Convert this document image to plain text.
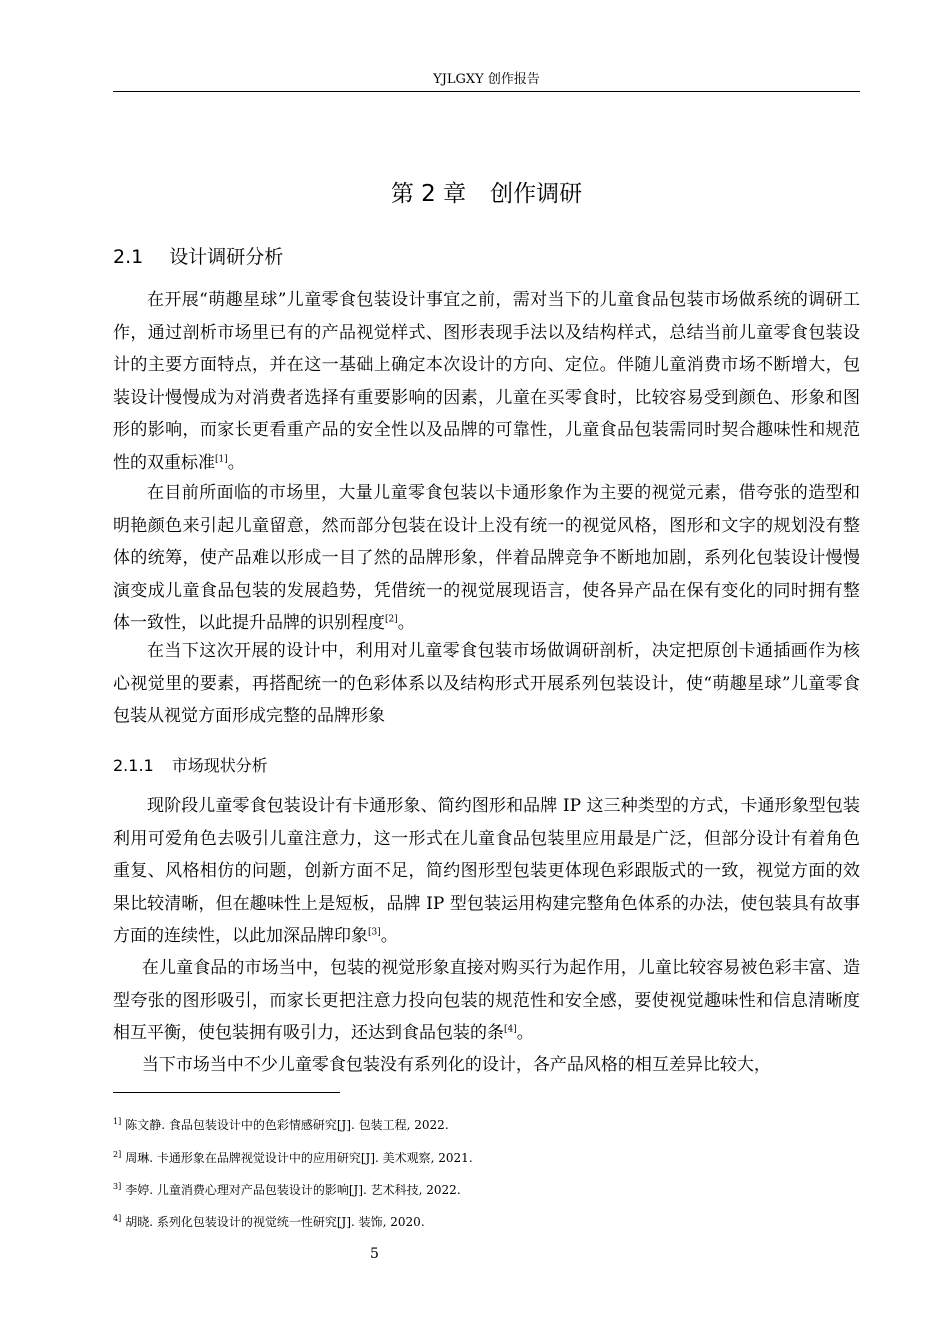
YJLGXY 创作报告
第 2 章 创作调研
2.1 设计调研分析

在开展“萌趣星球”儿童零食包装设计事宜之前，需对当下的儿童食品包装市场做系统的调研工作，通过剖析市场里已有的产品视觉样式、图形表现手法以及结构样式，总结当前儿童零食包装设计的主要方面特点，并在这一基础上确定本次设计的方向、定位。伴随儿童消费市场不断增大，包装设计慢慢成为对消费者选择有重要影响的因素，儿童在买零食时，比较容易受到颜色、形象和图形的影响，而家长更看重产品的安全性以及品牌的可靠性，儿童食品包装需同时契合趣味性和规范性的双重标准[1]。

在目前所面临的市场里，大量儿童零食包装以卡通形象作为主要的视觉元素，借夸张的造型和明艳颜色来引起儿童留意，然而部分包装在设计上没有统一的视觉风格，图形和文字的规划没有整体的统筹，使产品难以形成一目了然的品牌形象，伴着品牌竞争不断地加剧，系列化包装设计慢慢演变成儿童食品包装的发展趋势，凭借统一的视觉展现语言，使各异产品在保有变化的同时拥有整体一致性，以此提升品牌的识别程度[2]。

在当下这次开展的设计中，利用对儿童零食包装市场做调研剖析，决定把原创卡通插画作为核心视觉里的要素，再搭配统一的色彩体系以及结构形式开展系列包装设计，使“萌趣星球”儿童零食包装从视觉方面形成完整的品牌形象

2.1.1 市场现状分析

现阶段儿童零食包装设计有卡通形象、简约图形和品牌 IP 这三种类型的方式，卡通形象型包装利用可爱角色去吸引儿童注意力，这一形式在儿童食品包装里应用最是广泛，但部分设计有着角色重复、风格相仿的问题，创新方面不足，简约图形型包装更体现色彩跟版式的一致，视觉方面的效果比较清晰，但在趣味性上是短板，品牌 IP 型包装运用构建完整角色体系的办法，使包装具有故事方面的连续性，以此加深品牌印象[3]。

在儿童食品的市场当中，包装的视觉形象直接对购买行为起作用，儿童比较容易被色彩丰富、造型夸张的图形吸引，而家长更把注意力投向包装的规范性和安全感，要使视觉趣味性和信息清晰度相互平衡，使包装拥有吸引力，还达到食品包装的条[4]。

当下市场当中不少儿童零食包装没有系列化的设计，各产品风格的相互差异比较大，

$^{1]}$ 陈文静. 食品包装设计中的色彩情感研究[J]. 包装工程, 2022.
$^{2]}$ 周琳. 卡通形象在品牌视觉设计中的应用研究[J]. 美术观察, 2021.
$^{3]}$ 李婷. 儿童消费心理对产品包装设计的影响[J]. 艺术科技, 2022.
$^{4]}$ 胡晓. 系列化包装设计的视觉统一性研究[J]. 装饰, 2020.
5
